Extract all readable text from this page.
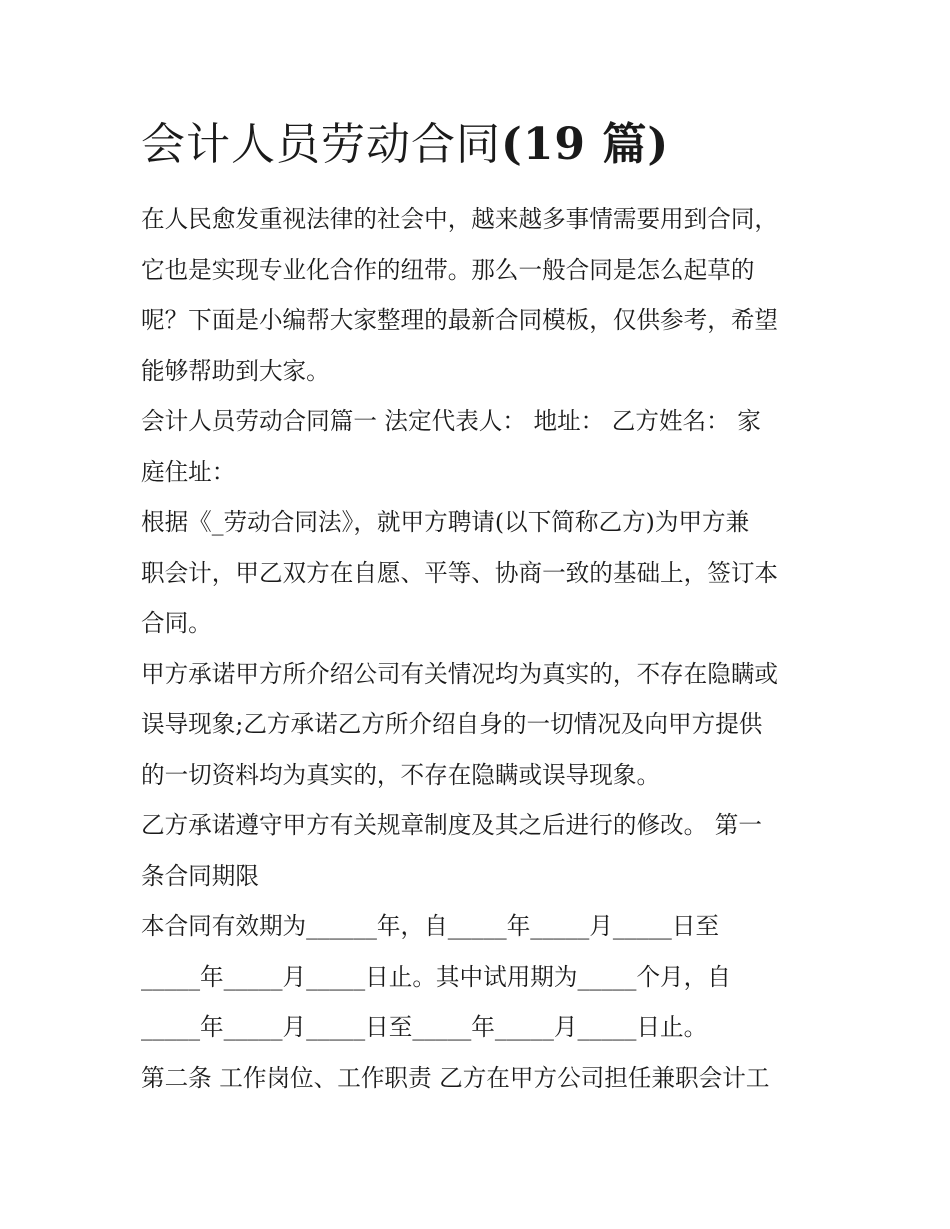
会计人员劳动合同(19 篇)

在人民愈发重视法律的社会中，越来越多事情需要用到合同，

它也是实现专业化合作的纽带。那么一般合同是怎么起草的

呢？下面是小编帮大家整理的最新合同模板，仅供参考，希望

能够帮助到大家。

会计人员劳动合同篇一 法定代表人： 地址： 乙方姓名： 家

庭住址：

根据《_劳动合同法》，就甲方聘请(以下简称乙方)为甲方兼

职会计，甲乙双方在自愿、平等、协商一致的基础上，签订本

合同。

甲方承诺甲方所介绍公司有关情况均为真实的，不存在隐瞒或

误导现象;乙方承诺乙方所介绍自身的一切情况及向甲方提供

的一切资料均为真实的，不存在隐瞒或误导现象。

乙方承诺遵守甲方有关规章制度及其之后进行的修改。 第一

条合同期限

本合同有效期为______年，自_____年_____月_____日至

_____年_____月_____日止。其中试用期为_____个月，自

_____年_____月_____日至_____年_____月_____日止。

第二条 工作岗位、工作职责 乙方在甲方公司担任兼职会计工
